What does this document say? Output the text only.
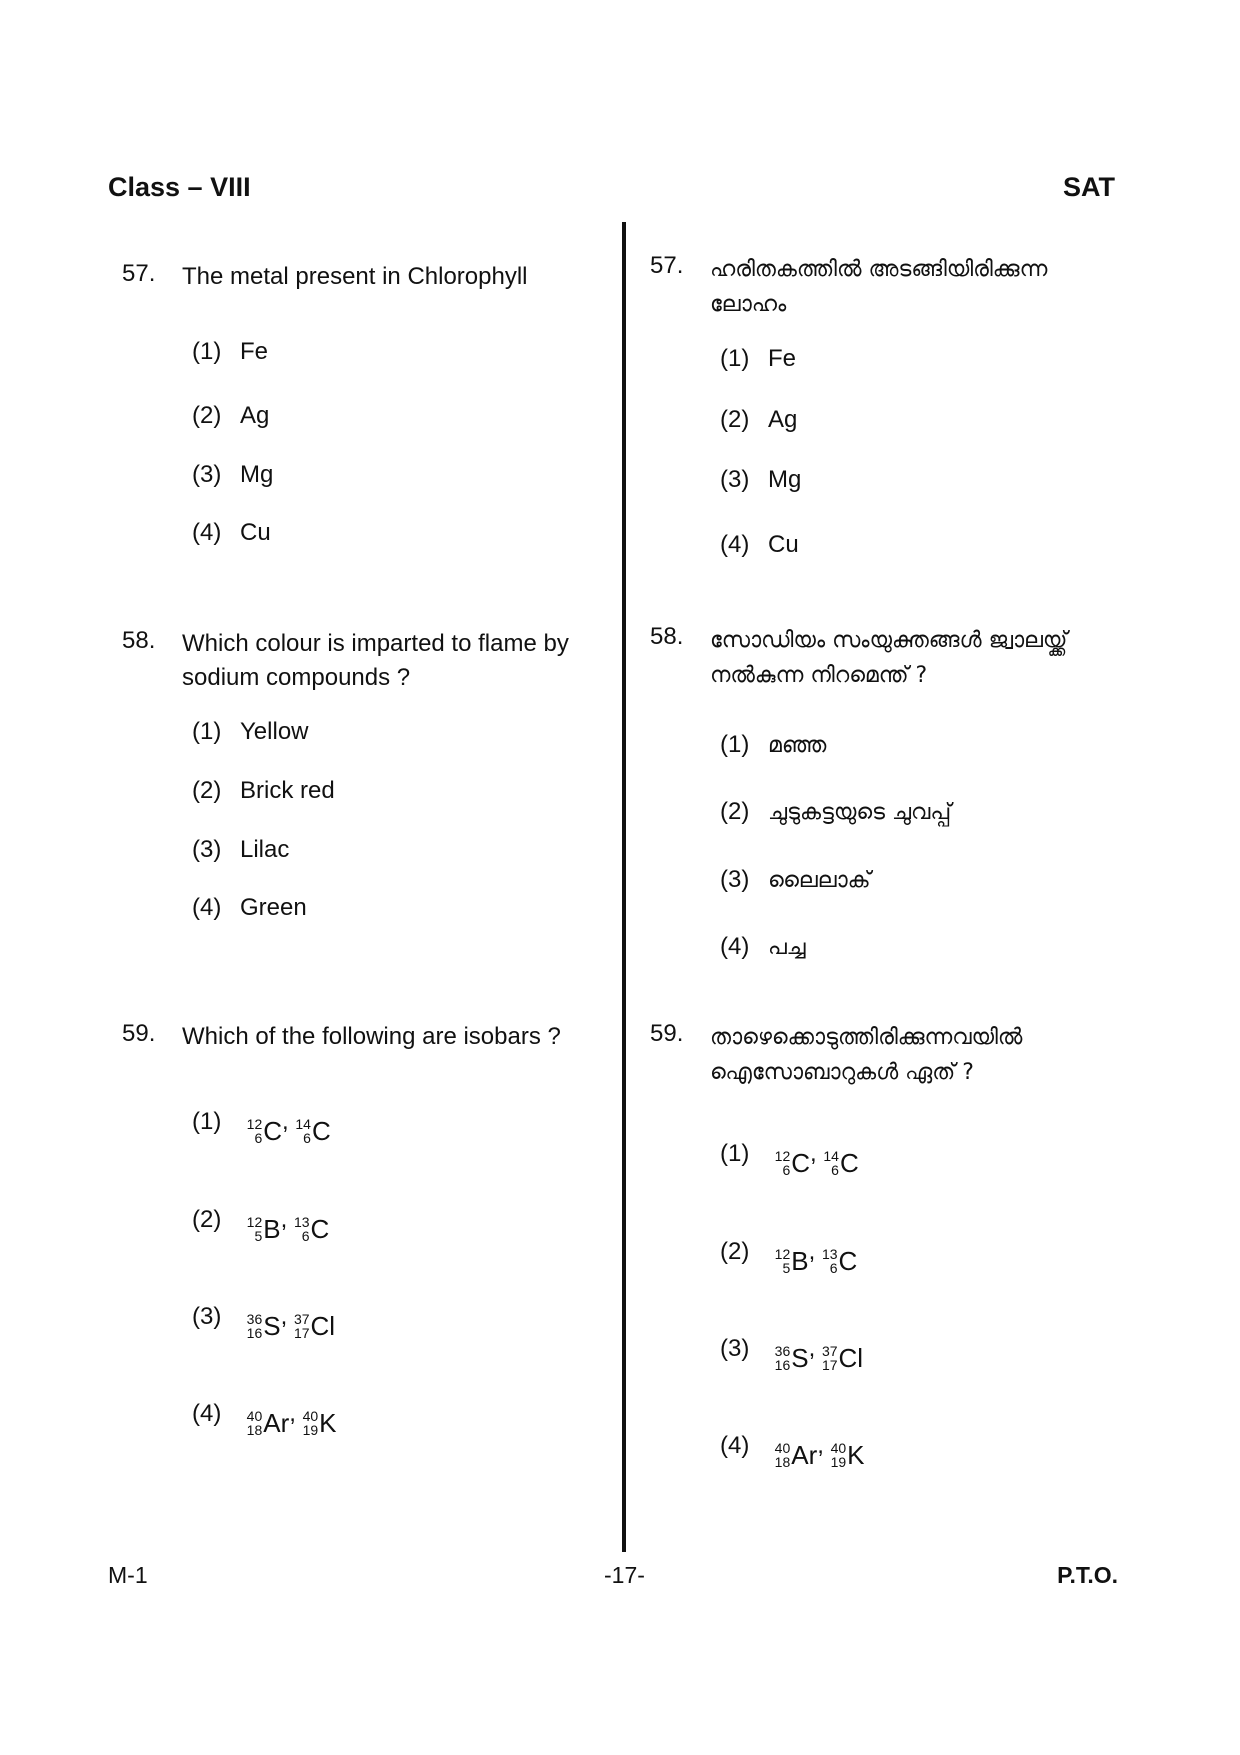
Class – VIII	SAT
57. The metal present in Chlorophyll
(1) Fe
(2) Ag
(3) Mg
(4) Cu
58. Which colour is imparted to flame by sodium compounds ?
(1) Yellow
(2) Brick red
(3) Lilac
(4) Green
59. Which of the following are isobars ?
(1) 12
6 C , 14
6 C
(2) 12
5 B , 13
6 C
(3) 36
16 S , 37
17 Cl
(4) 40
18 Ar , 40
19 K
57. ഹരിതകത്തിൽ അടങ്ങിയിരിക്കുന്ന ലോഹം
(1) Fe
(2) Ag
(3) Mg
(4) Cu
58. സോഡിയം സംയുക്തങ്ങൾ ജ്വാലയ്ക്ക് നൽകുന്ന നിറമെന്ത് ?
(1) മഞ്ഞ
(2) ചുടുകട്ടയുടെ ചുവപ്പ്
(3) ലൈലാക്
(4) പച്ച
59. താഴെക്കൊടുത്തിരിക്കുന്നവയിൽ ഐസോബാറുകൾ ഏത് ?
(1) 12
6 C , 14
6 C
(2) 12
5 B , 13
6 C
(3) 36
16 S , 37
17 Cl
(4) 40
18 Ar , 40
19 K
M-1	-17-	P.T.O.
